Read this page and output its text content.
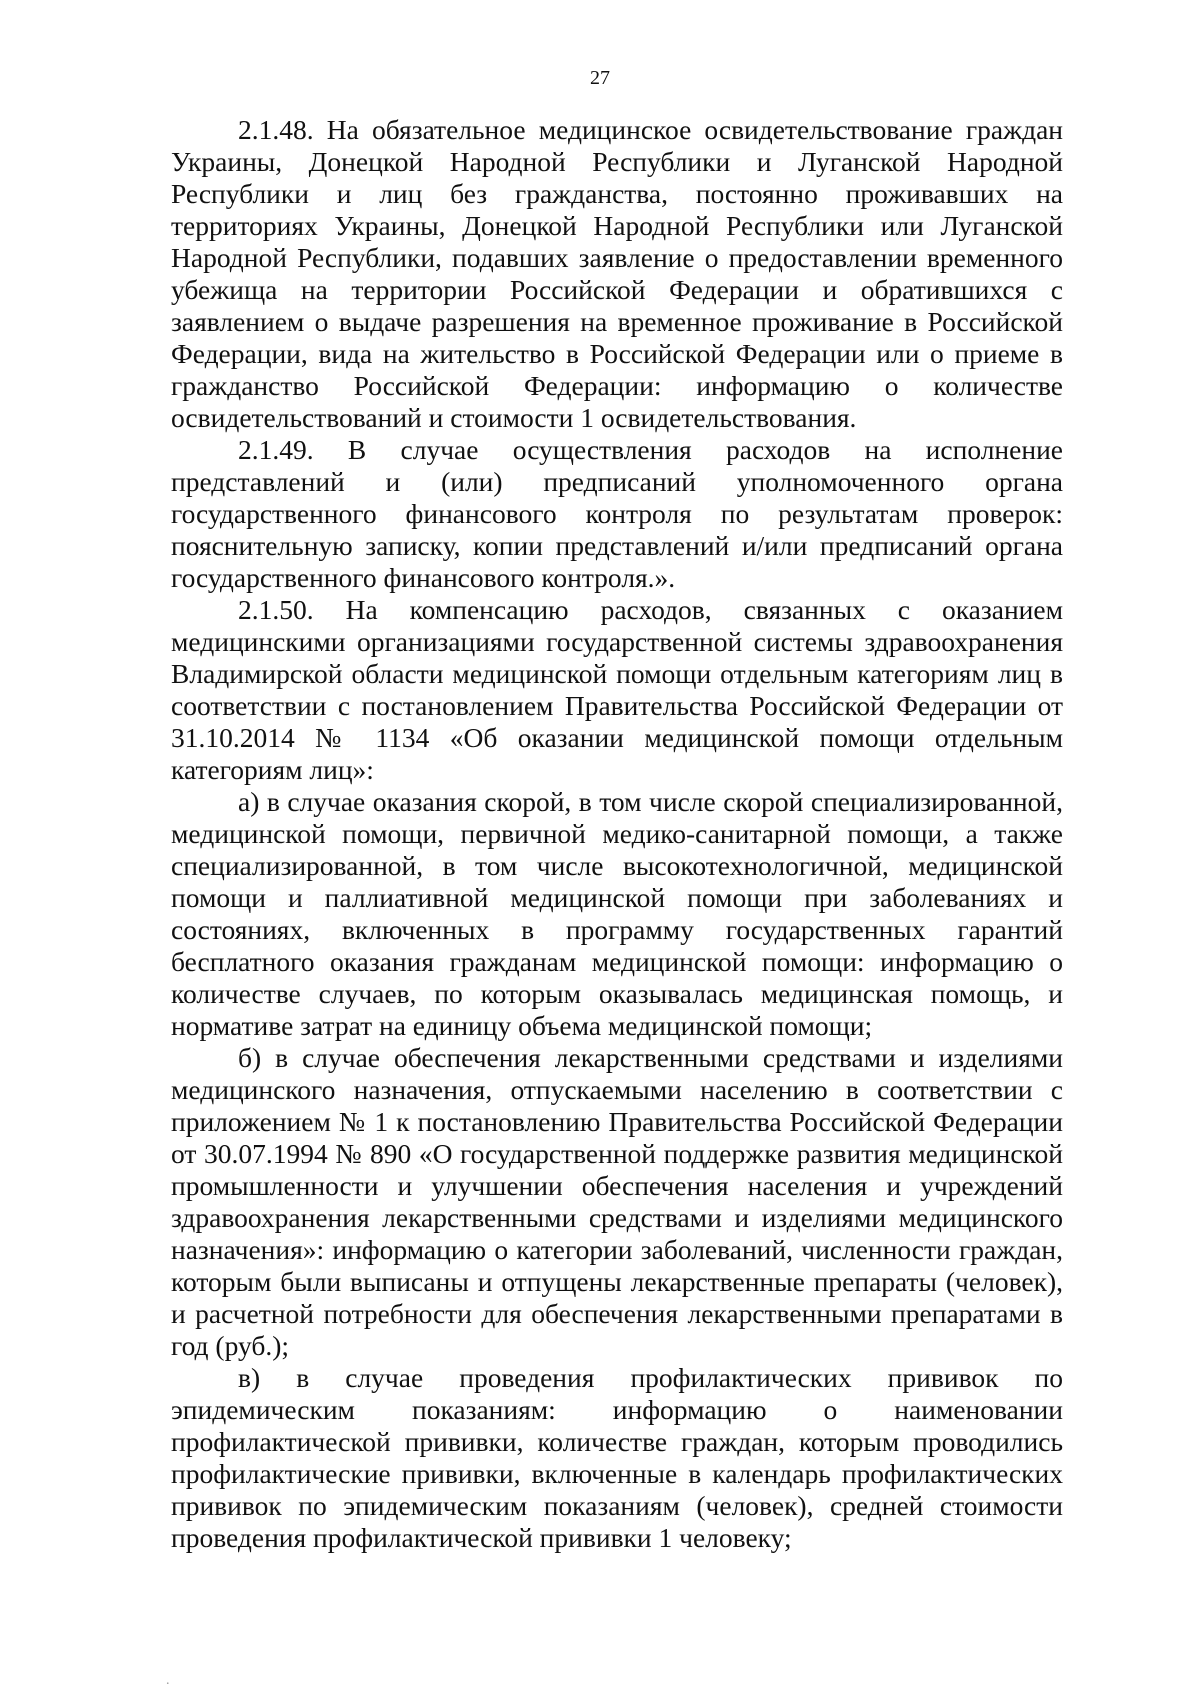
27

2.1.48. На обязательное медицинское освидетельствование граждан Украины, Донецкой Народной Республики и Луганской Народной Республики и лиц без гражданства, постоянно проживавших на территориях Украины, Донецкой Народной Республики или Луганской Народной Республики, подавших заявление о предоставлении временного убежища на территории Российской Федерации и обратившихся с заявлением о выдаче разрешения на временное проживание в Российской Федерации, вида на жительство в Российской Федерации или о приеме в гражданство Российской Федерации: информацию о количестве освидетельствований и стоимости 1 освидетельствования.

2.1.49. В случае осуществления расходов на исполнение представлений и (или) предписаний уполномоченного органа государственного финансового контроля по результатам проверок: пояснительную записку, копии представлений и/или предписаний органа государственного финансового контроля.».

2.1.50. На компенсацию расходов, связанных с оказанием медицинскими организациями государственной системы здравоохранения Владимирской области медицинской помощи отдельным категориям лиц в соответствии с постановлением Правительства Российской Федерации от 31.10.2014 № 1134 «Об оказании медицинской помощи отдельным категориям лиц»:

а) в случае оказания скорой, в том числе скорой специализированной, медицинской помощи, первичной медико-санитарной помощи, а также специализированной, в том числе высокотехнологичной, медицинской помощи и паллиативной медицинской помощи при заболеваниях и состояниях, включенных в программу государственных гарантий бесплатного оказания гражданам медицинской помощи: информацию о количестве случаев, по которым оказывалась медицинская помощь, и нормативе затрат на единицу объема медицинской помощи;

б) в случае обеспечения лекарственными средствами и изделиями медицинского назначения, отпускаемыми населению в соответствии с приложением № 1 к постановлению Правительства Российской Федерации от 30.07.1994 № 890 «О государственной поддержке развития медицинской промышленности и улучшении обеспечения населения и учреждений здравоохранения лекарственными средствами и изделиями медицинского назначения»: информацию о категории заболеваний, численности граждан, которым были выписаны и отпущены лекарственные препараты (человек), и расчетной потребности для обеспечения лекарственными препаратами в год (руб.);

в) в случае проведения профилактических прививок по эпидемическим показаниям: информацию о наименовании профилактической прививки, количестве граждан, которым проводились профилактические прививки, включенные в календарь профилактических прививок по эпидемическим показаниям (человек), средней стоимости проведения профилактической прививки 1 человеку;

.
